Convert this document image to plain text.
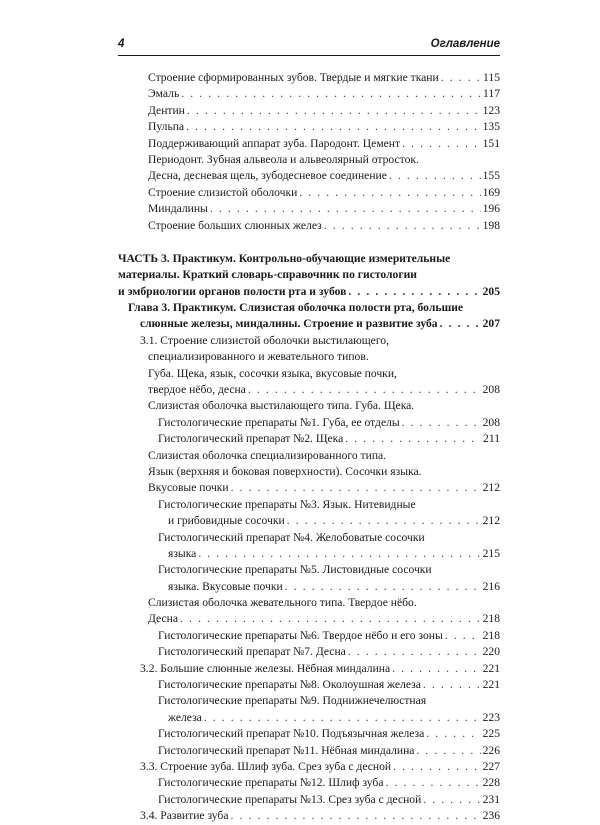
4	Оглавление
Строение сформированных зубов. Твердые и мягкие ткани . . .	115
Эмаль . . .	117
Дентин . . .	123
Пульпа . . .	135
Поддерживающий аппарат зуба. Пародонт. Цемент . . .	151
Периодонт. Зубная альвеола и альвеолярный отросток.
Десна, десневая щель, зубодесневое соединение . . .	155
Строение слизистой оболочки . . .	169
Миндалины . . .	196
Строение больших слюнных желез . . .	198
ЧАСТЬ 3. Практикум. Контрольно-обучающие измерительные
материалы. Краткий словарь-справочник по гистологии
и эмбриологии органов полости рта и зубов . . .	205
Глава 3. Практикум. Слизистая оболочка полости рта, большие
слюнные железы, миндалины. Строение и развитие зуба . . .	207
3.1. Строение слизистой оболочки выстилающего,
специализированного и жевательного типов.
Губа. Щека, язык, сосочки языка, вкусовые почки,
твердое нёбо, десна . . .	208
Слизистая оболочка выстилающего типа. Губа. Щека.
Гистологические препараты №1. Губа, ее отделы . . .	208
Гистологический препарат №2. Щека . . .	211
Слизистая оболочка специализированного типа.
Язык (верхняя и боковая поверхности). Сосочки языка.
Вкусовые почки . . .	212
Гистологические препараты №3. Язык. Нитевидные
и грибовидные сосочки . . .	212
Гистологический препарат №4. Желобоватые сосочки
языка . . .	215
Гистологические препараты №5. Листовидные сосочки
языка. Вкусовые почки . . .	216
Слизистая оболочка жевательного типа. Твердое нёбо.
Десна . . .	218
Гистологические препараты №6. Твердое нёбо и его зоны . . .	218
Гистологический препарат №7. Десна . . .	220
3.2. Большие слюнные железы. Нёбная миндалина . . .	221
Гистологические препараты №8. Околоушная железа . . .	221
Гистологические препараты №9. Поднижнечелюстная
железа . . .	223
Гистологический препарат №10. Подъязычная железа . . .	225
Гистологический препарат №11. Нёбная миндалина . . .	226
3.3. Строение зуба. Шлиф зуба. Срез зуба с десной . . .	227
Гистологические препараты №12. Шлиф зуба . . .	228
Гистологические препараты №13. Срез зуба с десной . . .	231
3.4. Развитие зуба . . .	236
